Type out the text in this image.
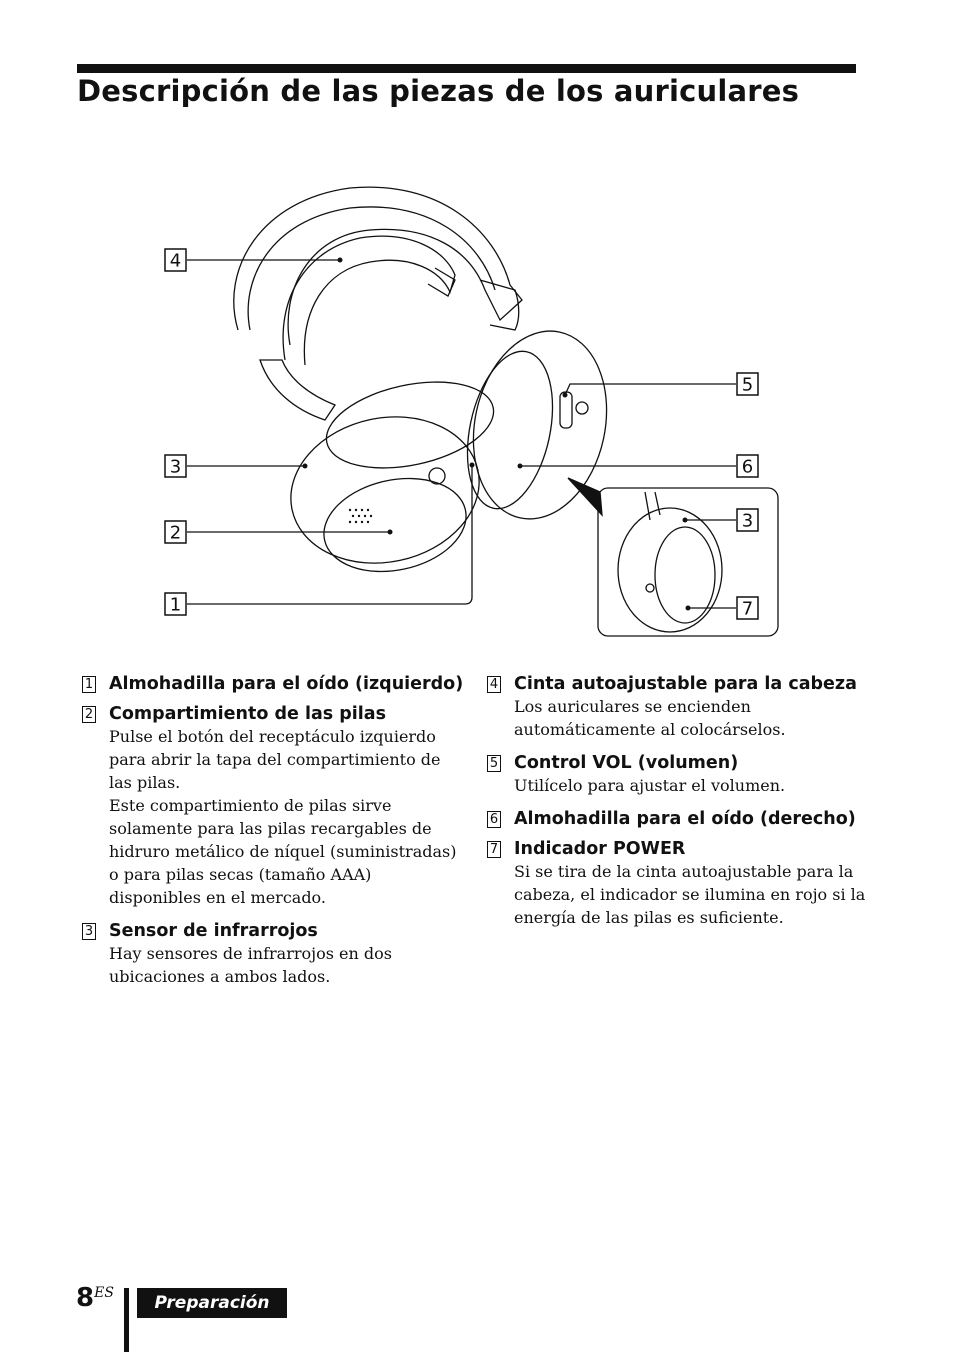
Descripción de las piezas de los auriculares
4
3
2
1
5
6
3
7
1 Almohadilla para el oído (izquierdo)
2 Compartimiento de las pilas

Pulse el botón del receptáculo izquierdo para abrir la tapa del compartimiento de las pilas.

Este compartimiento de pilas sirve solamente para las pilas recargables de hidruro metálico de níquel (suministradas) o para pilas secas (tamaño AAA) disponibles en el mercado.

3 Sensor de infrarrojos

Hay sensores de infrarrojos en dos ubicaciones a ambos lados.

4 Cinta autoajustable para la cabeza

Los auriculares se encienden automáticamente al colocárselos.

5 Control VOL (volumen)

Utilícelo para ajustar el volumen.

6 Almohadilla para el oído (derecho)
7 Indicador POWER

Si se tira de la cinta autoajustable para la cabeza, el indicador se ilumina en rojo si la energía de las pilas es suficiente.

8$^{ES}$	Preparación
